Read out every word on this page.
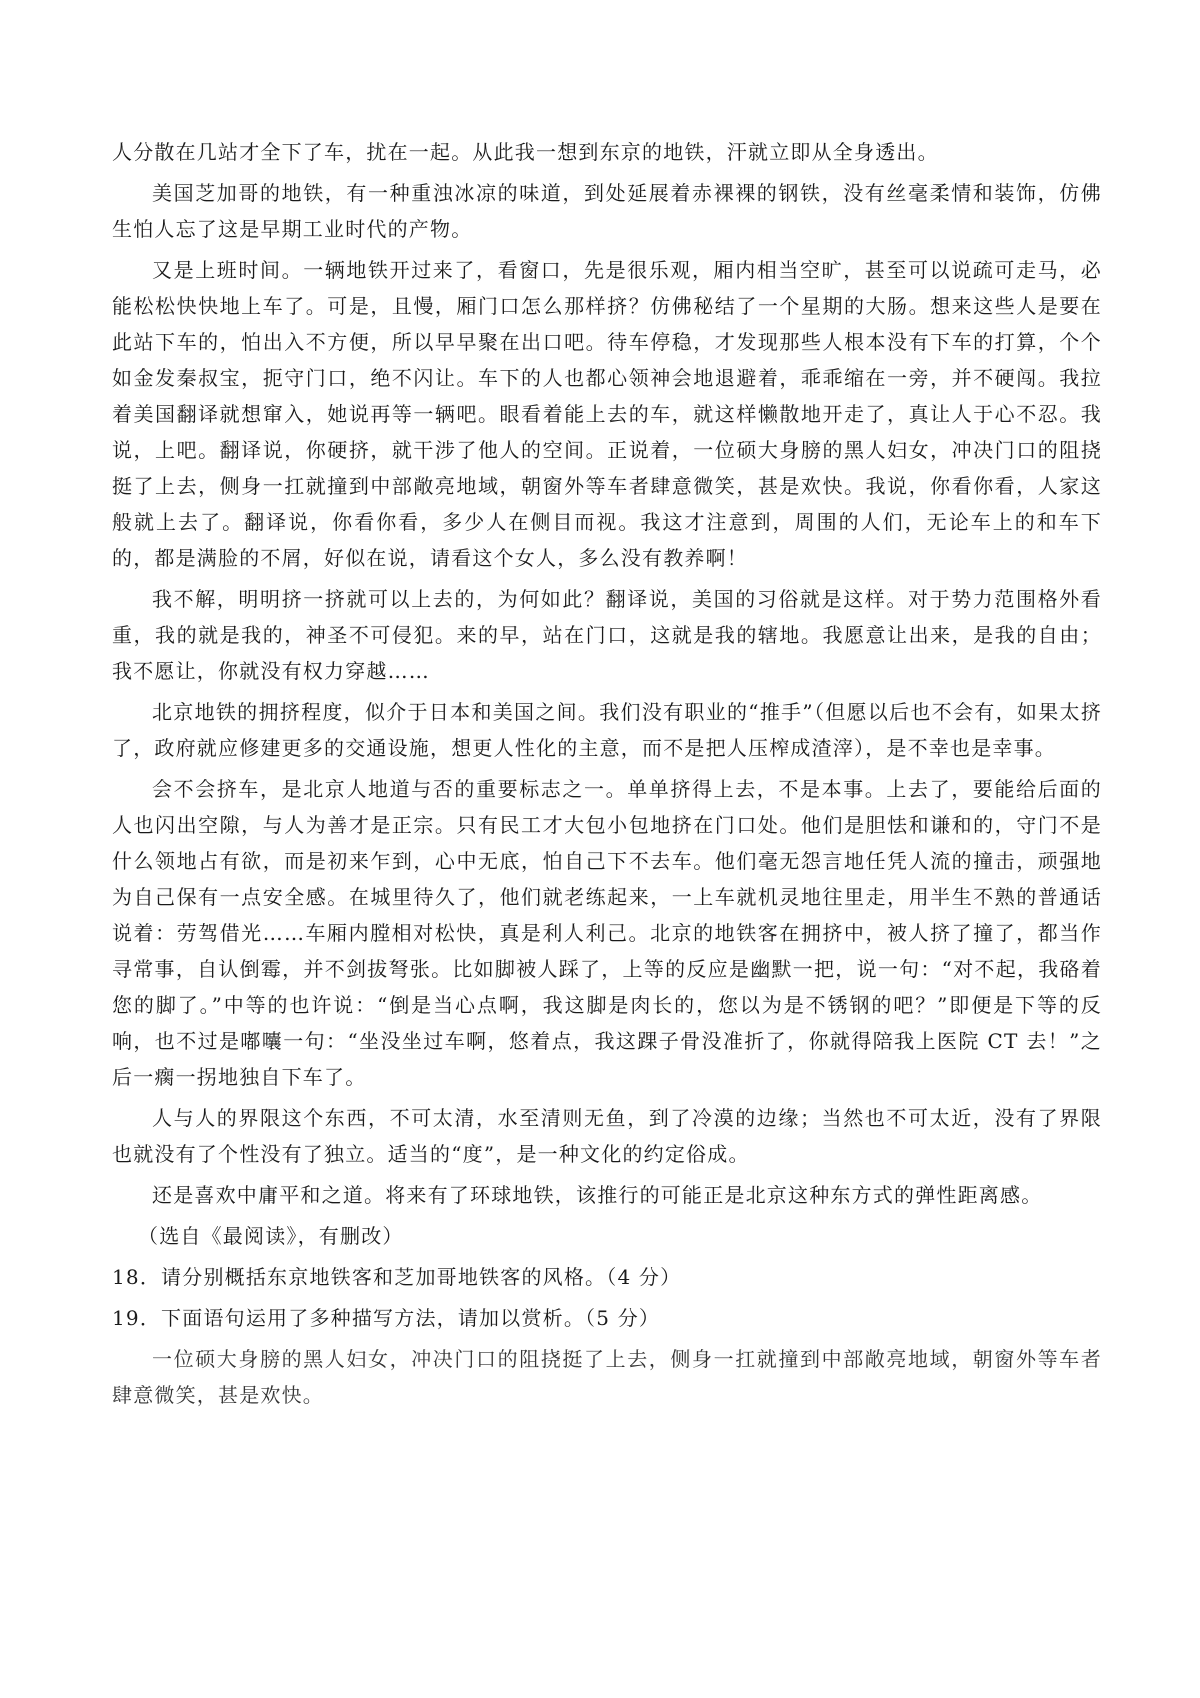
人分散在几站才全下了车，扰在一起。从此我一想到东京的地铁，汗就立即从全身透出。

美国芝加哥的地铁，有一种重浊冰凉的味道，到处延展着赤裸裸的钢铁，没有丝毫柔情和装饰，仿佛生怕人忘了这是早期工业时代的产物。

又是上班时间。一辆地铁开过来了，看窗口，先是很乐观，厢内相当空旷，甚至可以说疏可走马，必能松松快快地上车了。可是，且慢，厢门口怎么那样挤？仿佛秘结了一个星期的大肠。想来这些人是要在此站下车的，怕出入不方便，所以早早聚在出口吧。待车停稳，才发现那些人根本没有下车的打算，个个如金发秦叔宝，扼守门口，绝不闪让。车下的人也都心领神会地退避着，乖乖缩在一旁，并不硬闯。我拉着美国翻译就想窜入，她说再等一辆吧。眼看着能上去的车，就这样懒散地开走了，真让人于心不忍。我说，上吧。翻译说，你硬挤，就干涉了他人的空间。正说着，一位硕大身膀的黑人妇女，冲决门口的阻挠挺了上去，侧身一扛就撞到中部敞亮地域，朝窗外等车者肆意微笑，甚是欢快。我说，你看你看，人家这般就上去了。翻译说，你看你看，多少人在侧目而视。我这才注意到，周围的人们，无论车上的和车下的，都是满脸的不屑，好似在说，请看这个女人，多么没有教养啊！

我不解，明明挤一挤就可以上去的，为何如此？翻译说，美国的习俗就是这样。对于势力范围格外看重，我的就是我的，神圣不可侵犯。来的早，站在门口，这就是我的辖地。我愿意让出来，是我的自由；我不愿让，你就没有权力穿越……

北京地铁的拥挤程度，似介于日本和美国之间。我们没有职业的“推手”（但愿以后也不会有，如果太挤了，政府就应修建更多的交通设施，想更人性化的主意，而不是把人压榨成渣滓），是不幸也是幸事。

会不会挤车，是北京人地道与否的重要标志之一。单单挤得上去，不是本事。上去了，要能给后面的人也闪出空隙，与人为善才是正宗。只有民工才大包小包地挤在门口处。他们是胆怯和谦和的，守门不是什么领地占有欲，而是初来乍到，心中无底，怕自己下不去车。他们毫无怨言地任凭人流的撞击，顽强地为自己保有一点安全感。在城里待久了，他们就老练起来，一上车就机灵地往里走，用半生不熟的普通话说着：劳驾借光……车厢内膛相对松快，真是利人利己。北京的地铁客在拥挤中，被人挤了撞了，都当作寻常事，自认倒霉，并不剑拔弩张。比如脚被人踩了，上等的反应是幽默一把，说一句：“对不起，我硌着您的脚了。”中等的也许说：“倒是当心点啊，我这脚是肉长的，您以为是不锈钢的吧？”即便是下等的反响，也不过是嘟囔一句：“坐没坐过车啊，悠着点，我这踝子骨没准折了，你就得陪我上医院 CT 去！”之后一瘸一拐地独自下车了。

人与人的界限这个东西，不可太清，水至清则无鱼，到了冷漠的边缘；当然也不可太近，没有了界限也就没有了个性没有了独立。适当的“度”，是一种文化的约定俗成。

还是喜欢中庸平和之道。将来有了环球地铁，该推行的可能正是北京这种东方式的弹性距离感。

（选自《最阅读》，有删改）

18．请分别概括东京地铁客和芝加哥地铁客的风格。（4 分）

19．下面语句运用了多种描写方法，请加以赏析。（5 分）

一位硕大身膀的黑人妇女，冲决门口的阻挠挺了上去，侧身一扛就撞到中部敞亮地域，朝窗外等车者肆意微笑，甚是欢快。
